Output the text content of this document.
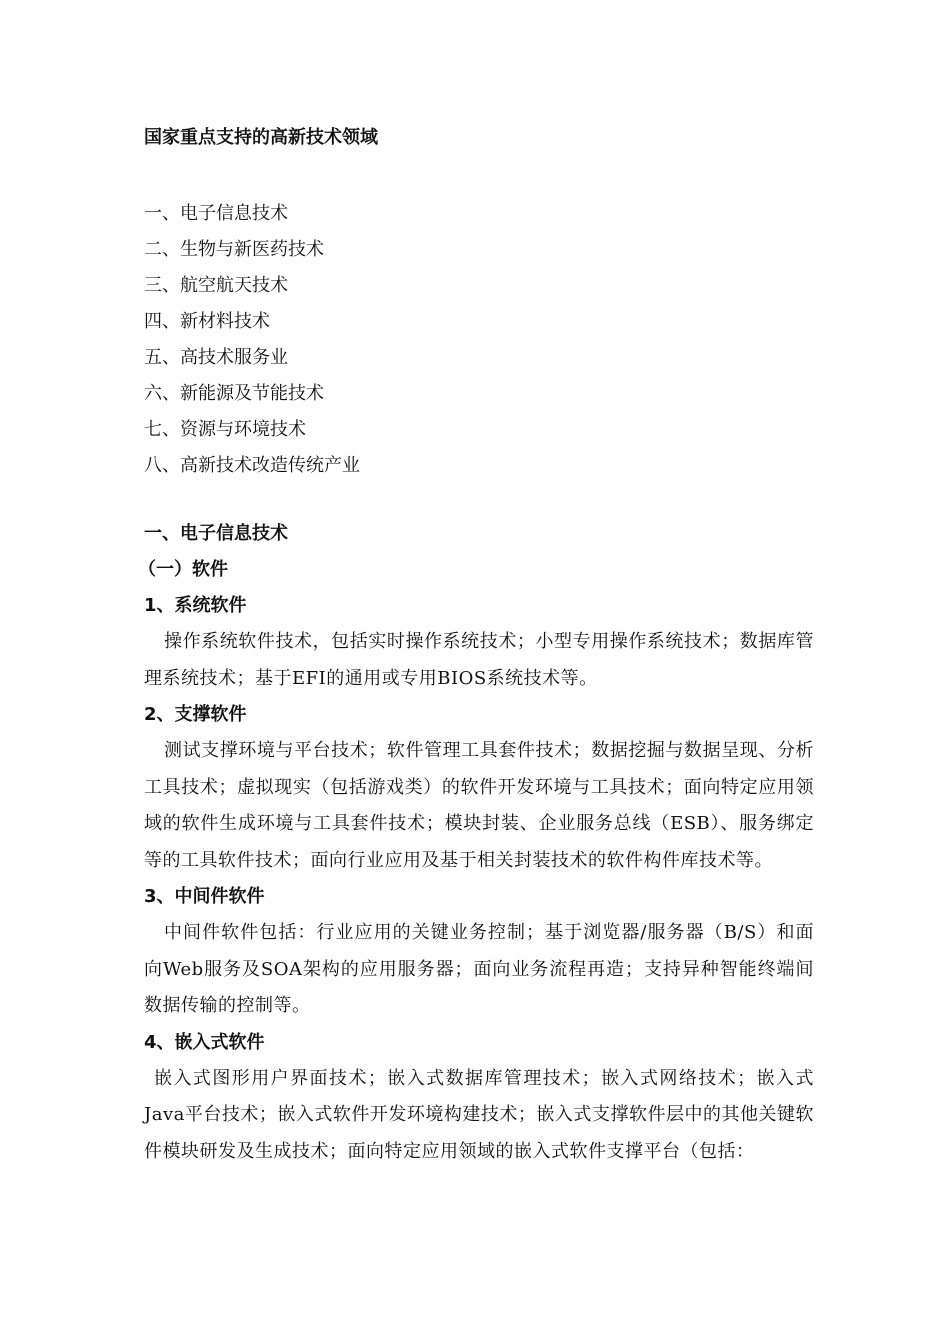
国家重点支持的高新技术领域
一、电子信息技术
二、生物与新医药技术
三、航空航天技术
四、新材料技术
五、高技术服务业
六、新能源及节能技术
七、资源与环境技术
八、高新技术改造传统产业
一、电子信息技术
（一）软件
1、系统软件
操作系统软件技术，包括实时操作系统技术；小型专用操作系统技术；数据库管理系统技术；基于EFI的通用或专用BIOS系统技术等。
2、支撑软件
测试支撑环境与平台技术；软件管理工具套件技术；数据挖掘与数据呈现、分析工具技术；虚拟现实（包括游戏类）的软件开发环境与工具技术；面向特定应用领域的软件生成环境与工具套件技术；模块封装、企业服务总线（ESB）、服务绑定等的工具软件技术；面向行业应用及基于相关封装技术的软件构件库技术等。
3、中间件软件
中间件软件包括：行业应用的关键业务控制；基于浏览器/服务器（B/S）和面向Web服务及SOA架构的应用服务器；面向业务流程再造；支持异种智能终端间数据传输的控制等。
4、嵌入式软件
嵌入式图形用户界面技术；嵌入式数据库管理技术；嵌入式网络技术；嵌入式Java平台技术；嵌入式软件开发环境构建技术；嵌入式支撑软件层中的其他关键软件模块研发及生成技术；面向特定应用领域的嵌入式软件支撑平台（包括：
